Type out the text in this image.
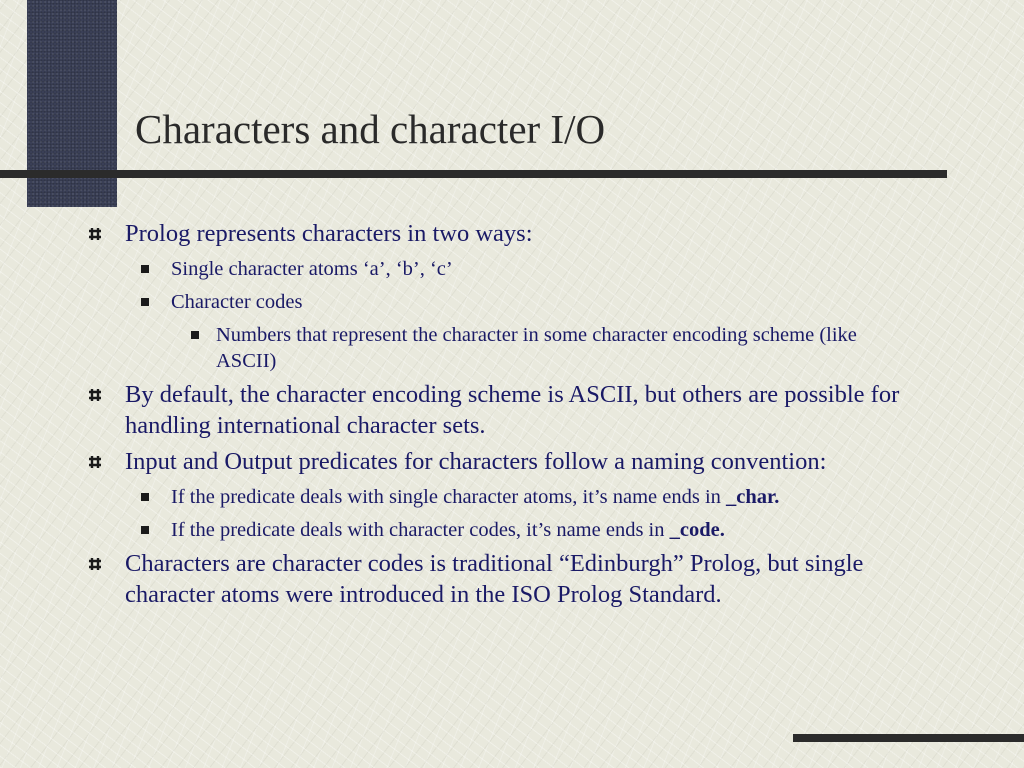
Characters and character I/O
Prolog represents characters in two ways:
Single character atoms ‘a’, ‘b’, ‘c’
Character codes
Numbers that represent the character in some character encoding scheme (like ASCII)
By default, the character encoding scheme is ASCII, but others are possible for handling international character sets.
Input and Output predicates for characters follow a naming convention:
If the predicate deals with single character atoms, it’s name ends in _char.
If the predicate deals with character codes, it’s name ends in _code.
Characters are character codes is traditional “Edinburgh” Prolog, but single character atoms were introduced in the ISO Prolog Standard.
